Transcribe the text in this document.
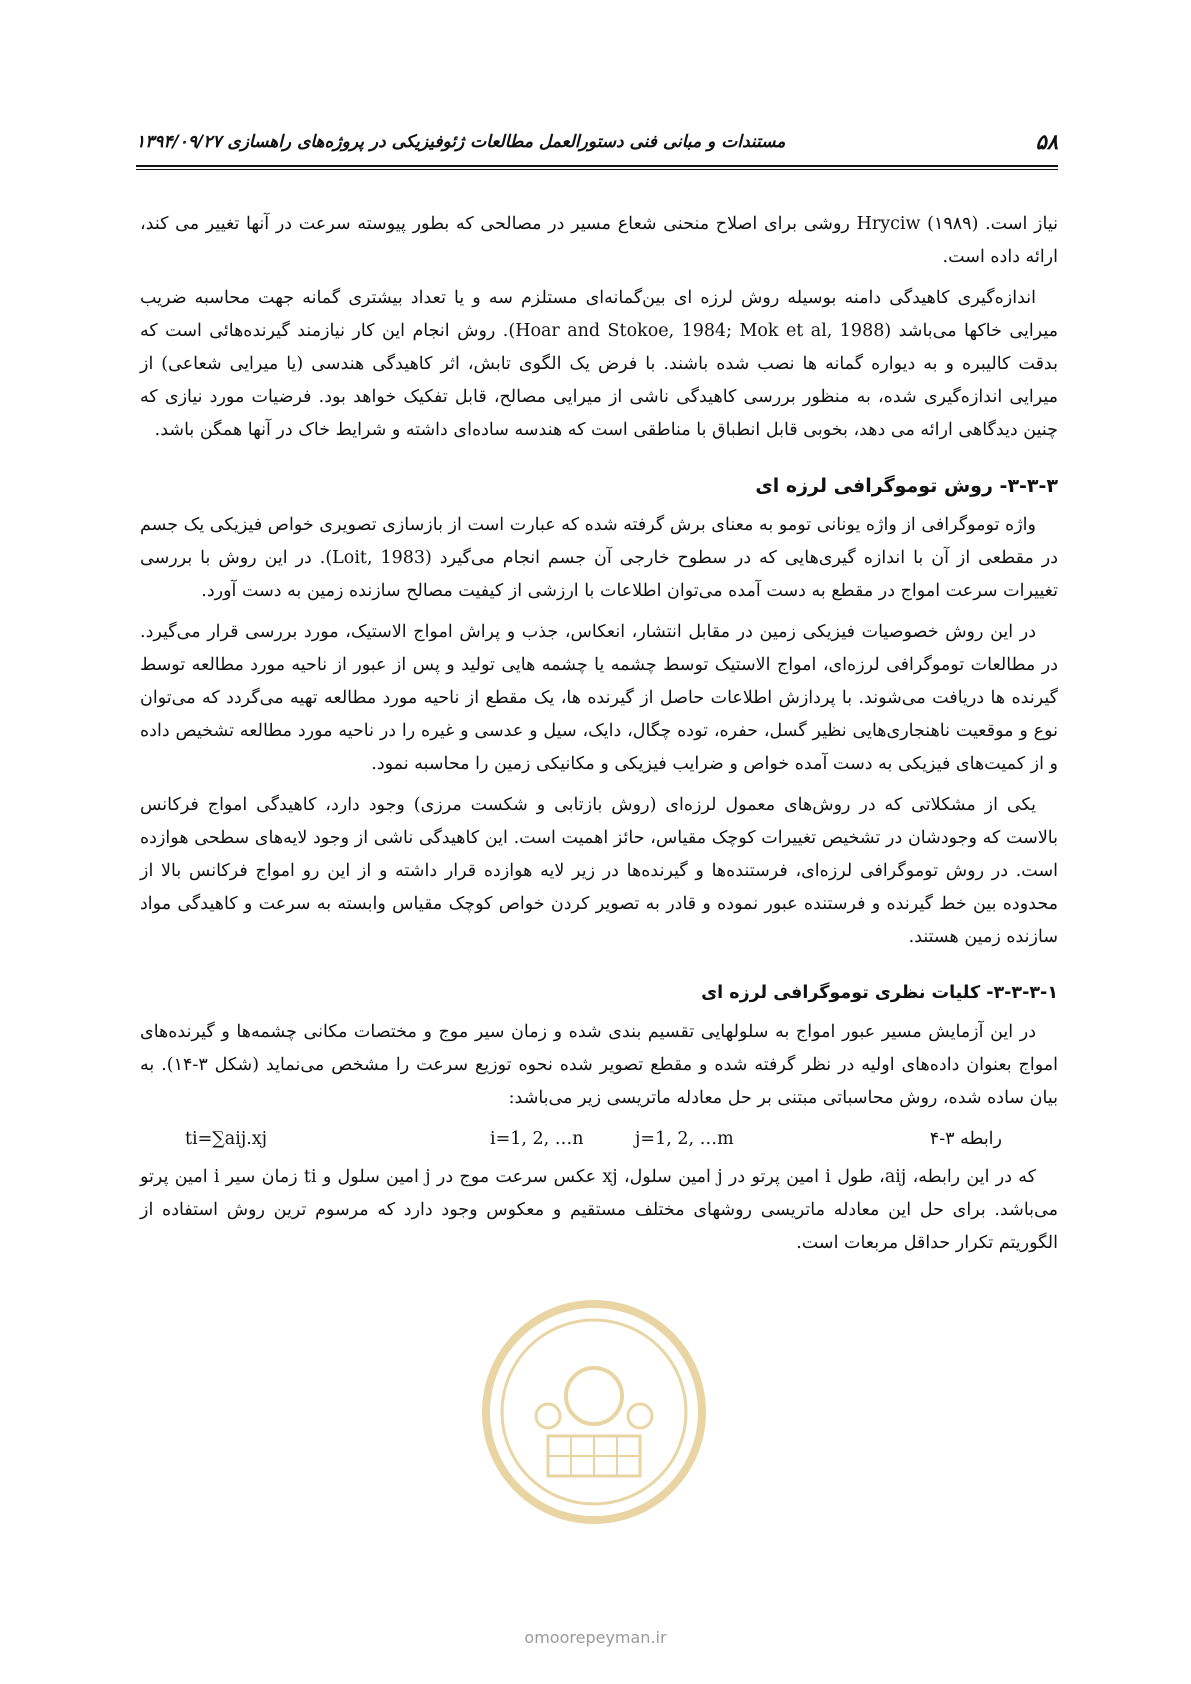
۵۸
مستندات و مبانی فنی دستورالعمل مطالعات ژئوفیزیکی در پروژه‌های راهسازی ۱۳۹۴/۰۹/۲۷

نیاز است. Hryciw (۱۹۸۹) روشی برای اصلاح منحنی شعاع مسیر در مصالحی که بطور پیوسته سرعت در آنها تغییر می کند، ارائه داده است.

اندازه‌گیری کاهیدگی دامنه بوسیله روش لرزه ای بین‌گمانه‌ای مستلزم سه و یا تعداد بیشتری گمانه جهت محاسبه ضریب میرایی خاکها می‌باشد (Hoar and Stokoe, 1984; Mok et al, 1988). روش انجام این کار نیازمند گیرنده‌هائی است که بدقت کالیبره و به دیواره گمانه ها نصب شده باشند. با فرض یک الگوی تابش، اثر کاهیدگی هندسی (یا میرایی شعاعی) از میرایی اندازه‌گیری شده، به منظور بررسی کاهیدگی ناشی از میرایی مصالح، قابل تفکیک خواهد بود. فرضیات مورد نیازی که چنین دیدگاهی ارائه می دهد، بخوبی قابل انطباق با مناطقی است که هندسه ساده‌ای داشته و شرایط خاک در آنها همگن باشد.

۳-۳-۳- روش توموگرافی لرزه ای

واژه توموگرافی از واژه یونانی تومو به معنای برش گرفته شده که عبارت است از بازسازی تصویری خواص فیزیکی یک جسم در مقطعی از آن با اندازه گیری‌هایی که در سطوح خارجی آن جسم انجام می‌گیرد (Loit, 1983). در این روش با بررسی تغییرات سرعت امواج در مقطع به دست آمده می‌توان اطلاعات با ارزشی از کیفیت مصالح سازنده زمین به دست آورد.

در این روش خصوصیات فیزیکی زمین در مقابل انتشار، انعکاس، جذب و پراش امواج الاستیک، مورد بررسی قرار می‌گیرد. در مطالعات توموگرافی لرزه‌ای، امواج الاستیک توسط چشمه یا چشمه هایی تولید و پس از عبور از ناحیه مورد مطالعه توسط گیرنده ها دریافت می‌شوند. با پردازش اطلاعات حاصل از گیرنده ها، یک مقطع از ناحیه مورد مطالعه تهیه می‌گردد که می‌توان نوع و موقعیت ناهنجاری‌هایی نظیر گسل، حفره، توده چگال، دایک، سیل و عدسی و غیره را در ناحیه مورد مطالعه تشخیص داده و از کمیت‌های فیزیکی به دست آمده خواص و ضرایب فیزیکی و مکانیکی زمین را محاسبه نمود.

یکی از مشکلاتی که در روش‌های معمول لرزه‌ای (روش بازتابی و شکست مرزی) وجود دارد، کاهیدگی امواج فرکانس بالاست که وجودشان در تشخیص تغییرات کوچک مقیاس، حائز اهمیت است. این کاهیدگی ناشی از وجود لایه‌های سطحی هوازده است. در روش توموگرافی لرزه‌ای، فرستنده‌ها و گیرنده‌ها در زیر لایه هوازده قرار داشته و از این رو امواج فرکانس بالا از محدوده بین خط گیرنده و فرستنده عبور نموده و قادر به تصویر کردن خواص کوچک مقیاس وابسته به سرعت و کاهیدگی مواد سازنده زمین هستند.

۳-۳-۳-۱- کلیات نظری توموگرافی لرزه ای

در این آزمایش مسیر عبور امواج به سلولهایی تقسیم بندی شده و زمان سیر موج و مختصات مکانی چشمه‌ها و گیرنده‌های امواج بعنوان داده‌های اولیه در نظر گرفته شده و مقطع تصویر شده نحوه توزیع سرعت را مشخص می‌نماید (شکل ۳-۱۴). به بیان ساده شده، روش محاسباتی مبتنی بر حل معادله ماتریسی زیر می‌باشد:

ti=∑aij.xj	i=1, 2, …n	j=1, 2, …m	رابطه ۳-۴

که در این رابطه، aij، طول i امین پرتو در j امین سلول، xj عکس سرعت موج در j امین سلول و ti زمان سیر i امین پرتو می‌باشد. برای حل این معادله ماتریسی روشهای مختلف مستقیم و معکوس وجود دارد که مرسوم ترین روش استفاده از الگوریتم تکرار حداقل مربعات است.

omoorepeyman.ir
